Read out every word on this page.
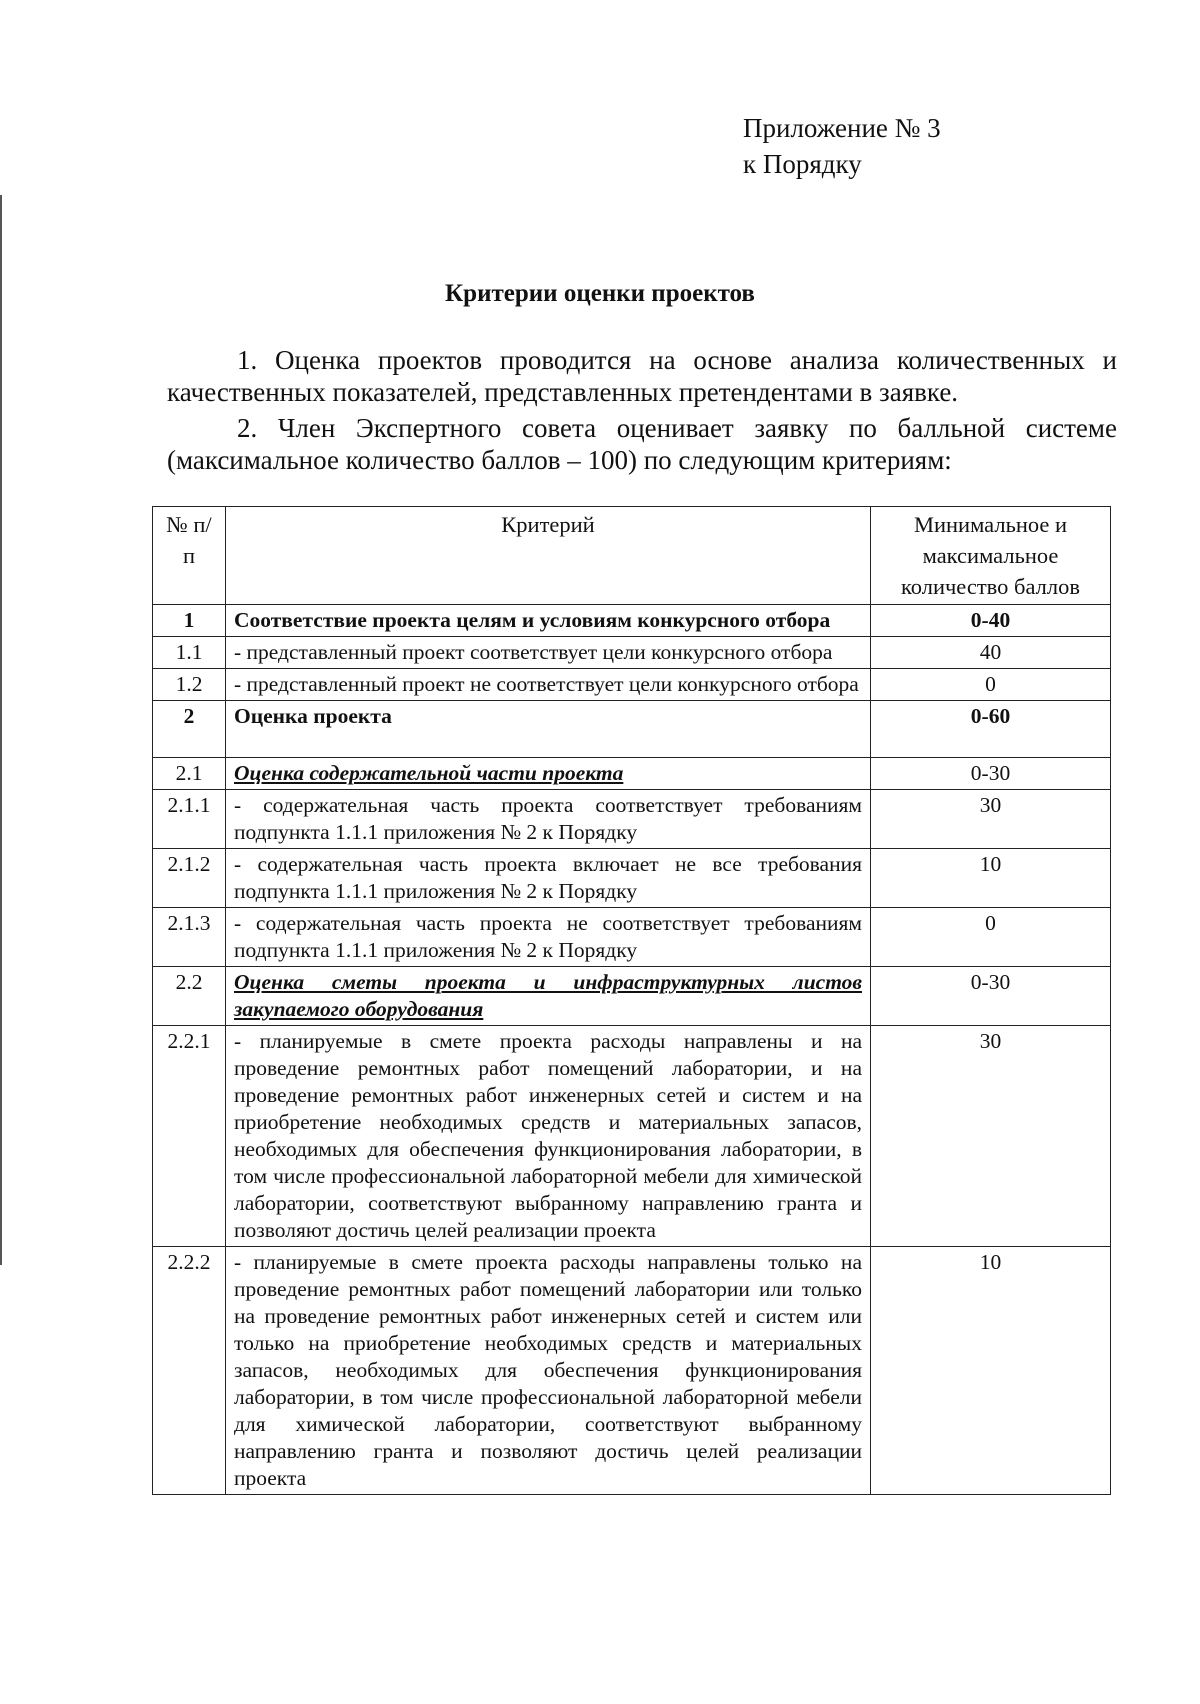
Приложение № 3
к Порядку
Критерии оценки проектов

1. Оценка проектов проводится на основе анализа количественных и качественных показателей, представленных претендентами в заявке.

2. Член Экспертного совета оценивает заявку по балльной системе (максимальное количество баллов – 100) по следующим критериям:

№ п/п	Критерий	Минимальное и максимальное количество баллов
1	Соответствие проекта целям и условиям конкурсного отбора	0-40
1.1	- представленный проект соответствует цели конкурсного отбора	40
1.2	- представленный проект не соответствует цели конкурсного отбора	0
2	Оценка проекта	0-60
2.1	Оценка содержательной части проекта	0-30
2.1.1	- содержательная часть проекта соответствует требованиям подпункта 1.1.1 приложения № 2 к Порядку	30
2.1.2	- содержательная часть проекта включает не все требования подпункта 1.1.1 приложения № 2 к Порядку	10
2.1.3	- содержательная часть проекта не соответствует требованиям подпункта 1.1.1 приложения № 2 к Порядку	0
2.2	Оценка сметы проекта и инфраструктурных листов закупаемого оборудования	0-30
2.2.1	- планируемые в смете проекта расходы направлены и на проведение ремонтных работ помещений лаборатории, и на проведение ремонтных работ инженерных сетей и систем и на приобретение необходимых средств и материальных запасов, необходимых для обеспечения функционирования лаборатории, в том числе профессиональной лабораторной мебели для химической лаборатории, соответствуют выбранному направлению гранта и позволяют достичь целей реализации проекта	30
2.2.2	- планируемые в смете проекта расходы направлены только на проведение ремонтных работ помещений лаборатории или только на проведение ремонтных работ инженерных сетей и систем или только на приобретение необходимых средств и материальных запасов, необходимых для обеспечения функционирования лаборатории, в том числе профессиональной лабораторной мебели для химической лаборатории, соответствуют выбранному направлению гранта и позволяют достичь целей реализации проекта	10
